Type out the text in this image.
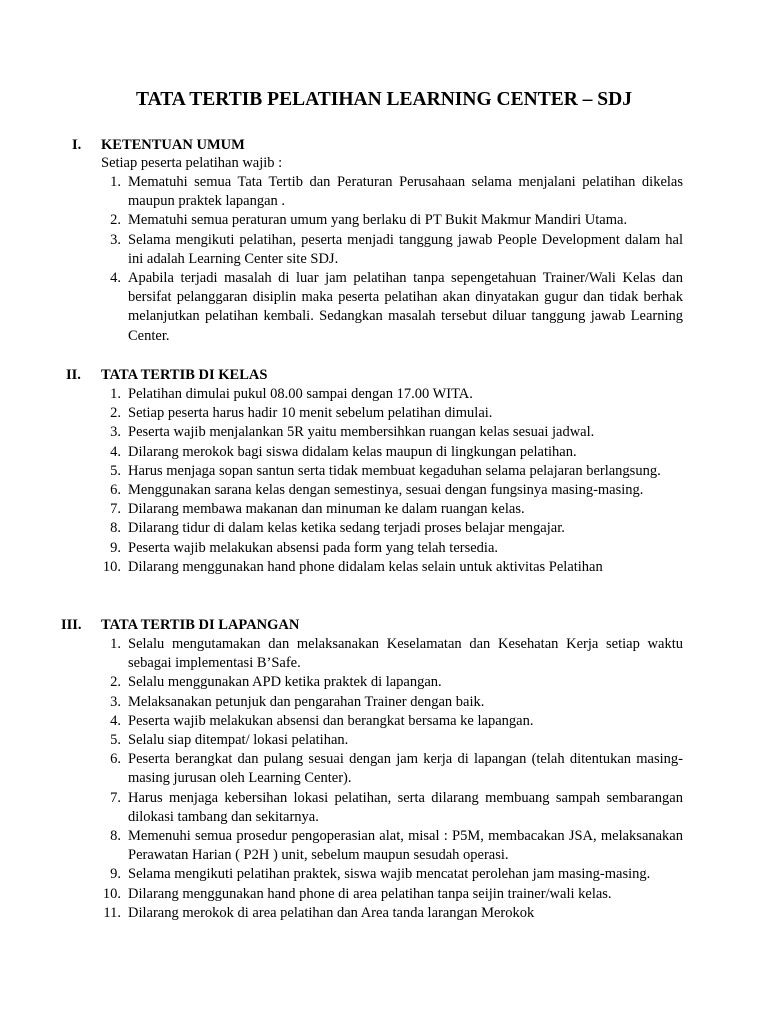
TATA TERTIB PELATIHAN LEARNING CENTER – SDJ
I. KETENTUAN UMUM
Setiap peserta pelatihan wajib :
1. Mematuhi semua Tata Tertib dan Peraturan Perusahaan selama menjalani pelatihan dikelas maupun praktek lapangan .
2. Mematuhi semua peraturan umum yang berlaku di PT Bukit Makmur Mandiri Utama.
3. Selama mengikuti pelatihan, peserta menjadi tanggung jawab People Development dalam hal ini adalah Learning Center site SDJ.
4. Apabila terjadi masalah di luar jam pelatihan tanpa sepengetahuan Trainer/Wali Kelas dan bersifat pelanggaran disiplin maka peserta pelatihan akan dinyatakan gugur dan tidak berhak melanjutkan pelatihan kembali. Sedangkan masalah tersebut diluar tanggung jawab Learning Center.
II. TATA TERTIB DI KELAS
1. Pelatihan dimulai pukul 08.00 sampai dengan 17.00 WITA.
2. Setiap peserta harus hadir 10 menit sebelum pelatihan dimulai.
3. Peserta wajib menjalankan 5R yaitu membersihkan ruangan kelas sesuai jadwal.
4. Dilarang merokok bagi siswa didalam kelas maupun di lingkungan pelatihan.
5. Harus menjaga sopan santun serta tidak membuat kegaduhan selama pelajaran berlangsung.
6. Menggunakan sarana kelas dengan semestinya, sesuai dengan fungsinya masing-masing.
7. Dilarang membawa makanan dan minuman ke dalam ruangan kelas.
8. Dilarang tidur di dalam kelas ketika sedang terjadi proses belajar mengajar.
9. Peserta wajib melakukan absensi pada form yang telah tersedia.
10. Dilarang menggunakan hand phone didalam kelas selain untuk aktivitas Pelatihan
III. TATA TERTIB DI LAPANGAN
1. Selalu mengutamakan dan melaksanakan Keselamatan dan Kesehatan Kerja setiap waktu sebagai implementasi B’Safe.
2. Selalu menggunakan APD ketika praktek di lapangan.
3. Melaksanakan petunjuk dan pengarahan Trainer dengan baik.
4. Peserta wajib melakukan absensi dan berangkat bersama ke lapangan.
5. Selalu siap ditempat/ lokasi pelatihan.
6. Peserta berangkat dan pulang sesuai dengan jam kerja di lapangan (telah ditentukan masing-masing jurusan oleh Learning Center).
7. Harus menjaga kebersihan lokasi pelatihan, serta dilarang membuang sampah sembarangan dilokasi tambang dan sekitarnya.
8. Memenuhi semua prosedur pengoperasian alat, misal : P5M, membacakan JSA, melaksanakan Perawatan Harian ( P2H ) unit, sebelum maupun sesudah operasi.
9. Selama mengikuti pelatihan praktek, siswa wajib mencatat perolehan jam masing-masing.
10. Dilarang menggunakan hand phone di area pelatihan tanpa seijin trainer/wali kelas.
11. Dilarang merokok di area pelatihan dan Area tanda larangan Merokok
